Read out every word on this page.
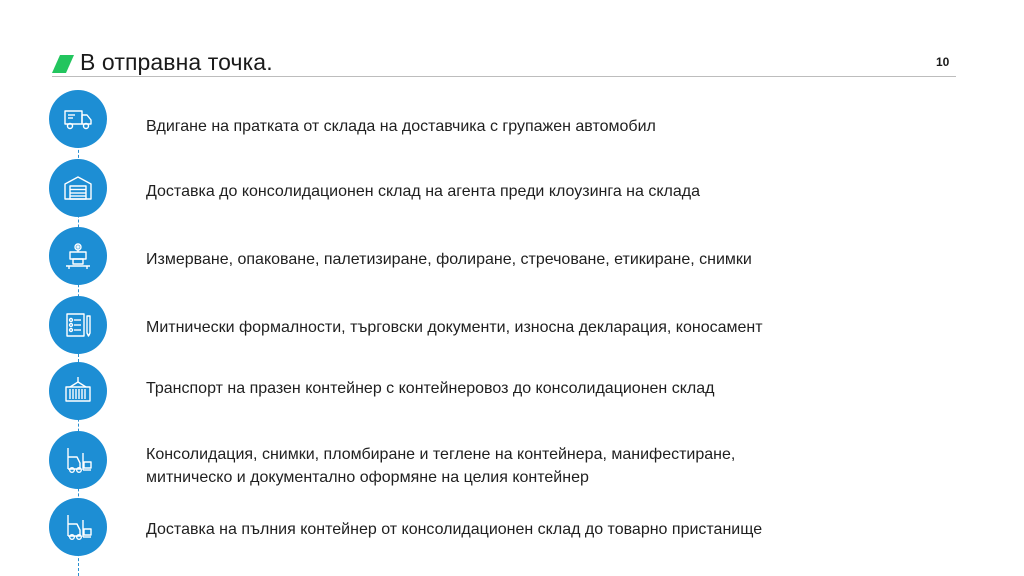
В отправна точка.	10
Вдигане на пратката от склада на доставчика с групажен автомобил
Доставка до консолидационен склад на агента преди клоузинга на склада
Измерване, опаковане, палетизиране, фолиране, стречоване, етикиране, снимки
Митнически формалности, търговски документи, износна декларация, коносамент
Транспорт на празен контейнер с контейнеровоз до консолидационен склад
Консолидация, снимки, пломбиране и теглене на контейнера, манифестиране,
митническо и документално оформяне на целия контейнер
Доставка на пълния контейнер от консолидационен склад до товарно пристанище
